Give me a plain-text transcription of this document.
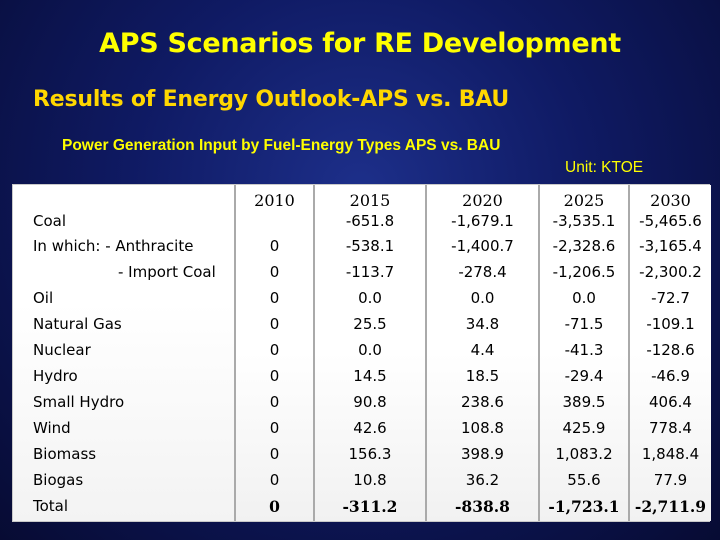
APS Scenarios for RE Development
Results of Energy Outlook-APS vs. BAU
Power Generation Input by Fuel-Energy Types APS vs. BAU
Unit: KTOE
Coal
In which: - Anthracite
- Import Coal
Oil
Natural Gas
Nuclear
Hydro
Small Hydro
Wind
Biomass
Biogas
Total
2010
0
0
0
0
0
0
0
0
0
0
0
2015
-651.8
-538.1
-113.7
0.0
25.5
0.0
14.5
90.8
42.6
156.3
10.8
-311.2
2020
-1,679.1
-1,400.7
-278.4
0.0
34.8
4.4
18.5
238.6
108.8
398.9
36.2
-838.8
2025
-3,535.1
-2,328.6
-1,206.5
0.0
-71.5
-41.3
-29.4
389.5
425.9
1,083.2
55.6
-1,723.1
2030
-5,465.6
-3,165.4
-2,300.2
-72.7
-109.1
-128.6
-46.9
406.4
778.4
1,848.4
77.9
-2,711.9
